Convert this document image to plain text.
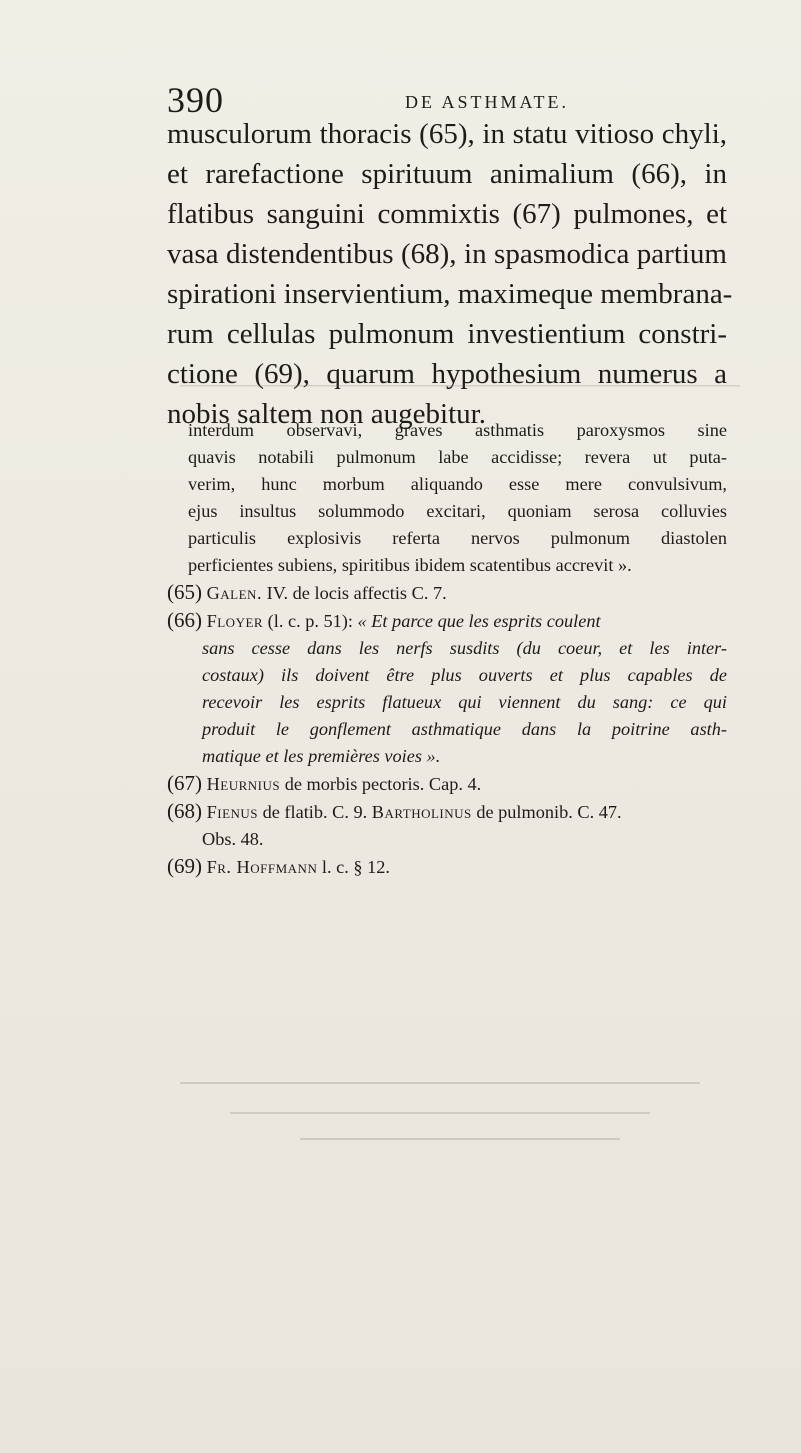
390	DE ASTHMATE.

musculorum thoracis (65), in statu vitioso chyli,
et rarefactione spirituum animalium (66), in
flatibus sanguini commixtis (67) pulmones, et
vasa distendentibus (68), in spasmodica partium
spirationi inservientium, maximeque membrana-
rum cellulas pulmonum investientium constri-
ctione (69), quarum hypothesium numerus a
nobis saltem non augebitur.

interdum observavi, graves asthmatis paroxysmos sine
quavis notabili pulmonum labe accidisse; revera ut puta-
verim, hunc morbum aliquando esse mere convulsivum,
ejus insultus solummodo excitari, quoniam serosa colluvies
particulis explosivis referta nervos pulmonum diastolen
perficientes subiens, spiritibus ibidem scatentibus accrevit ».
(65) Galen. IV. de locis affectis C. 7.
(66) Floyer (l. c. p. 51): « Et parce que les esprits coulent
sans cesse dans les nerfs susdits (du coeur, et les inter-
costaux) ils doivent être plus ouverts et plus capables de
recevoir les esprits flatueux qui viennent du sang: ce qui
produit le gonflement asthmatique dans la poitrine asth-
matique et les premières voies ».
(67) Heurnius de morbis pectoris. Cap. 4.
(68) Fienus de flatib. C. 9. Bartholinus de pulmonib. C. 47.
Obs. 48.
(69) Fr. Hoffmann l. c. § 12.
